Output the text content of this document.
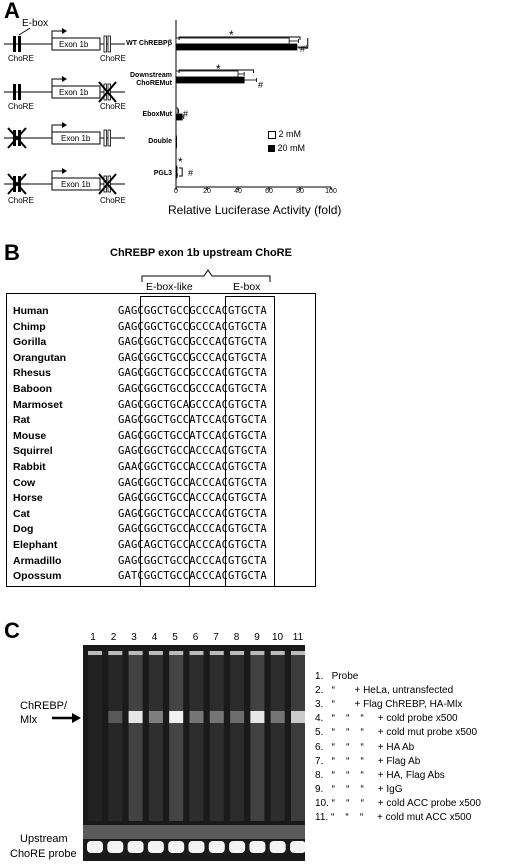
A
E-box
Exon 1b
Exon 1b
Exon 1b
Exon 1b
ChoRE	ChoRE
ChoRE	ChoRE
ChoRE	ChoRE
WT ChREBPβ
Downstream ChoREMut
EboxMut
Double
PGL3
0	20	40	60	80	100
Relative Luciferase Activity (fold)
2 mM
20 mM
*
#
*
#
#
*
#
B	ChREBP exon 1b upstream ChoRE
E-box-like	E-box
Human	GAGCGGCTGCCGCCCACGTGCTA
Chimp	GAGCGGCTGCCGCCCACGTGCTA
Gorilla	GAGCGGCTGCCGCCCACGTGCTA
Orangutan	GAGCGGCTGCCGCCCACGTGCTA
Rhesus	GAGCGGCTGCCGCCCACGTGCTA
Baboon	GAGCGGCTGCCGCCCACGTGCTA
Marmoset	GAGCGGCTGCAGCCCACGTGCTA
Rat	GAGCGGCTGCCATCCACGTGCTA
Mouse	GAGCGGCTGCCATCCACGTGCTA
Squirrel	GAGCGGCTGCCACCCACGTGCTA
Rabbit	GAACGGCTGCCACCCACGTGCTA
Cow	GAGCGGCTGCCACCCACGTGCTA
Horse	GAGCGGCTGCCACCCACGTGCTA
Cat	GAGCGGCTGCCACCCACGTGCTA
Dog	GAGCGGCTGCCACCCACGTGCTA
Elephant	GAGCAGCTGCCACCCACGTGCTA
Armadillo	GAGCGGCTGCCACCCACGTGCTA
Opossum	GATCGGCTGCCACCCACGTGCTA
C	1	2	3	4	5	6	7	8	9	10 11
ChREBP/
Mlx
Upstream
ChoRE probe
1.   Probe
2.   “       + HeLa, untransfected
3.   “       + Flag ChREBP, HA-Mlx
4.   “    “    “     + cold probe x500
5.   “    “    “     + cold mut probe x500
6.   “    “    “     + HA Ab
7.   “    “    “     + Flag Ab
8.   “    “    “     + HA, Flag Abs
9.   “    “    “     + IgG
10. “    “    “     + cold ACC probe x500
11. “    “    “     + cold mut ACC x500
